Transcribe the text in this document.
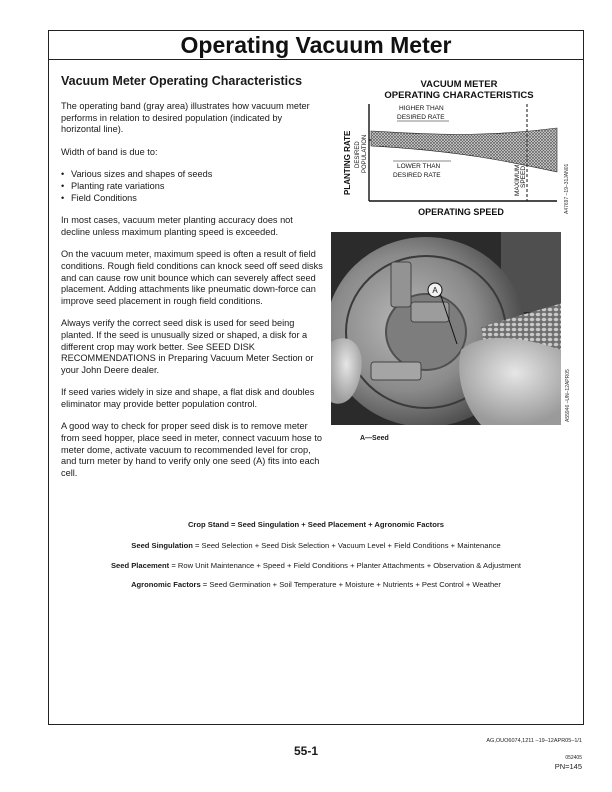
Operating Vacuum Meter
Vacuum Meter Operating Characteristics

The operating band (gray area) illustrates how vacuum meter performs in relation to desired population (indicated by horizontal line).

Width of band is due to:

• Various sizes and shapes of seeds
• Planting rate variations
• Field Conditions

In most cases, vacuum meter planting accuracy does not decline unless maximum planting speed is exceeded.

On the vacuum meter, maximum speed is often a result of field conditions. Rough field conditions can knock seed off seed disks and can cause row unit bounce which can severely affect seed placement. Adding attachments like pneumatic down-force can improve seed placement in rough field conditions.

Always verify the correct seed disk is used for seed being planted. If the seed is unusually sized or shaped, a disk for a different crop may work better. See SEED DISK RECOMMENDATIONS in Preparing Vacuum Meter Section or your John Deere dealer.

If seed varies widely in size and shape, a flat disk and doubles eliminator may provide better population control.

A good way to check for proper seed disk is to remove meter from seed hopper, place seed in meter, connect vacuum hose to meter dome, activate vacuum to recommended level for crop, and turn meter by hand to verify only one seed (A) fits into each cell.

VACUUM METER
OPERATING CHARACTERISTICS
PLANTING RATE DESIRED POPULATION
HIGHER THAN
DESIRED RATE
LOWER THAN
DESIRED RATE	MAXIMUM SPEED
OPERATING SPEED	A47697 –19–31JAN01
A
A55946 –UN–12APR05
A—Seed
Crop Stand = Seed Singulation + Seed Placement + Agronomic Factors
Seed Singulation = Seed Selection + Seed Disk Selection + Vacuum Level + Field Conditions + Maintenance
Seed Placement = Row Unit Maintenance + Speed + Field Conditions + Planter Attachments + Observation & Adjustment
Agronomic Factors = Seed Germination + Soil Temperature + Moisture + Nutrients + Pest Control + Weather
AG,OUO6074,1211 –19–12APR05–1/1
55-1	052405
PN=145
